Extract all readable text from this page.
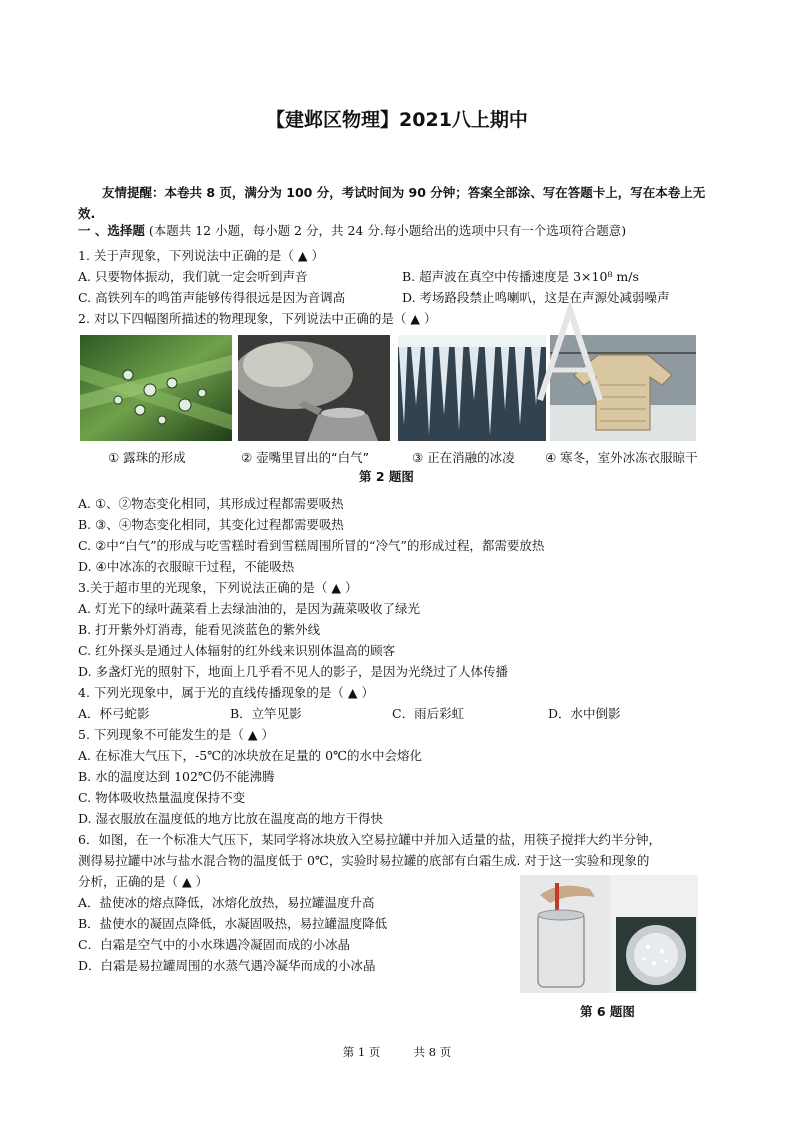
【建邺区物理】2021八上期中
友情提醒：本卷共 8 页，满分为 100 分，考试时间为 90 分钟；答案全部涂、写在答题卡上，写在本卷上无效.
一 、选择题 (本题共 12 小题，每小题 2 分，共 24 分.每小题给出的选项中只有一个选项符合题意)
1. 关于声现象，下列说法中正确的是（ ▲ ）
A. 只要物体振动，我们就一定会听到声音	B. 超声波在真空中传播速度是 3×10⁸ m/s
C. 高铁列车的鸣笛声能够传得很远是因为音调高	D. 考场路段禁止鸣喇叭，这是在声源处减弱噪声
2. 对以下四幅图所描述的物理现象，下列说法中正确的是（ ▲ ）
① 露珠的形成	② 壶嘴里冒出的“白气”	③ 正在消融的冰凌 ④ 寒冬，室外冰冻衣服晾干
第 2 题图
A. ①、②物态变化相同，其形成过程都需要吸热
B. ③、④物态变化相同，其变化过程都需要吸热
C. ②中“白气”的形成与吃雪糕时看到雪糕周围所冒的“冷气”的形成过程，都需要放热
D. ④中冰冻的衣服晾干过程，不能吸热
3.关于超市里的光现象，下列说法正确的是（ ▲ ）
A. 灯光下的绿叶蔬菜看上去绿油油的，是因为蔬菜吸收了绿光
B. 打开紫外灯消毒，能看见淡蓝色的紫外线
C. 红外探头是通过人体辐射的红外线来识别体温高的顾客
D. 多盏灯光的照射下，地面上几乎看不见人的影子，是因为光绕过了人体传播
4. 下列光现象中，属于光的直线传播现象的是（ ▲ ）
A．杯弓蛇影	B．立竿见影	C．雨后彩虹	D．水中倒影
5. 下列现象不可能发生的是（ ▲ ）
A. 在标准大气压下，-5℃的冰块放在足量的 0℃的水中会熔化
B. 水的温度达到 102℃仍不能沸腾
C. 物体吸收热量温度保持不变
D. 湿衣服放在温度低的地方比放在温度高的地方干得快
6．如图，在一个标准大气压下，某同学将冰块放入空易拉罐中并加入适量的盐，用筷子搅拌大约半分钟，
测得易拉罐中冰与盐水混合物的温度低于 0℃，实验时易拉罐的底部有白霜生成. 对于这一实验和现象的
分析，正确的是（ ▲ ）
A．盐使冰的熔点降低，冰熔化放热，易拉罐温度升高
B．盐使水的凝固点降低，水凝固吸热，易拉罐温度降低
C．白霜是空气中的小水珠遇冷凝固而成的小冰晶
D．白霜是易拉罐周围的水蒸气遇冷凝华而成的小冰晶
第 6 题图
第 1 页	共 8 页
